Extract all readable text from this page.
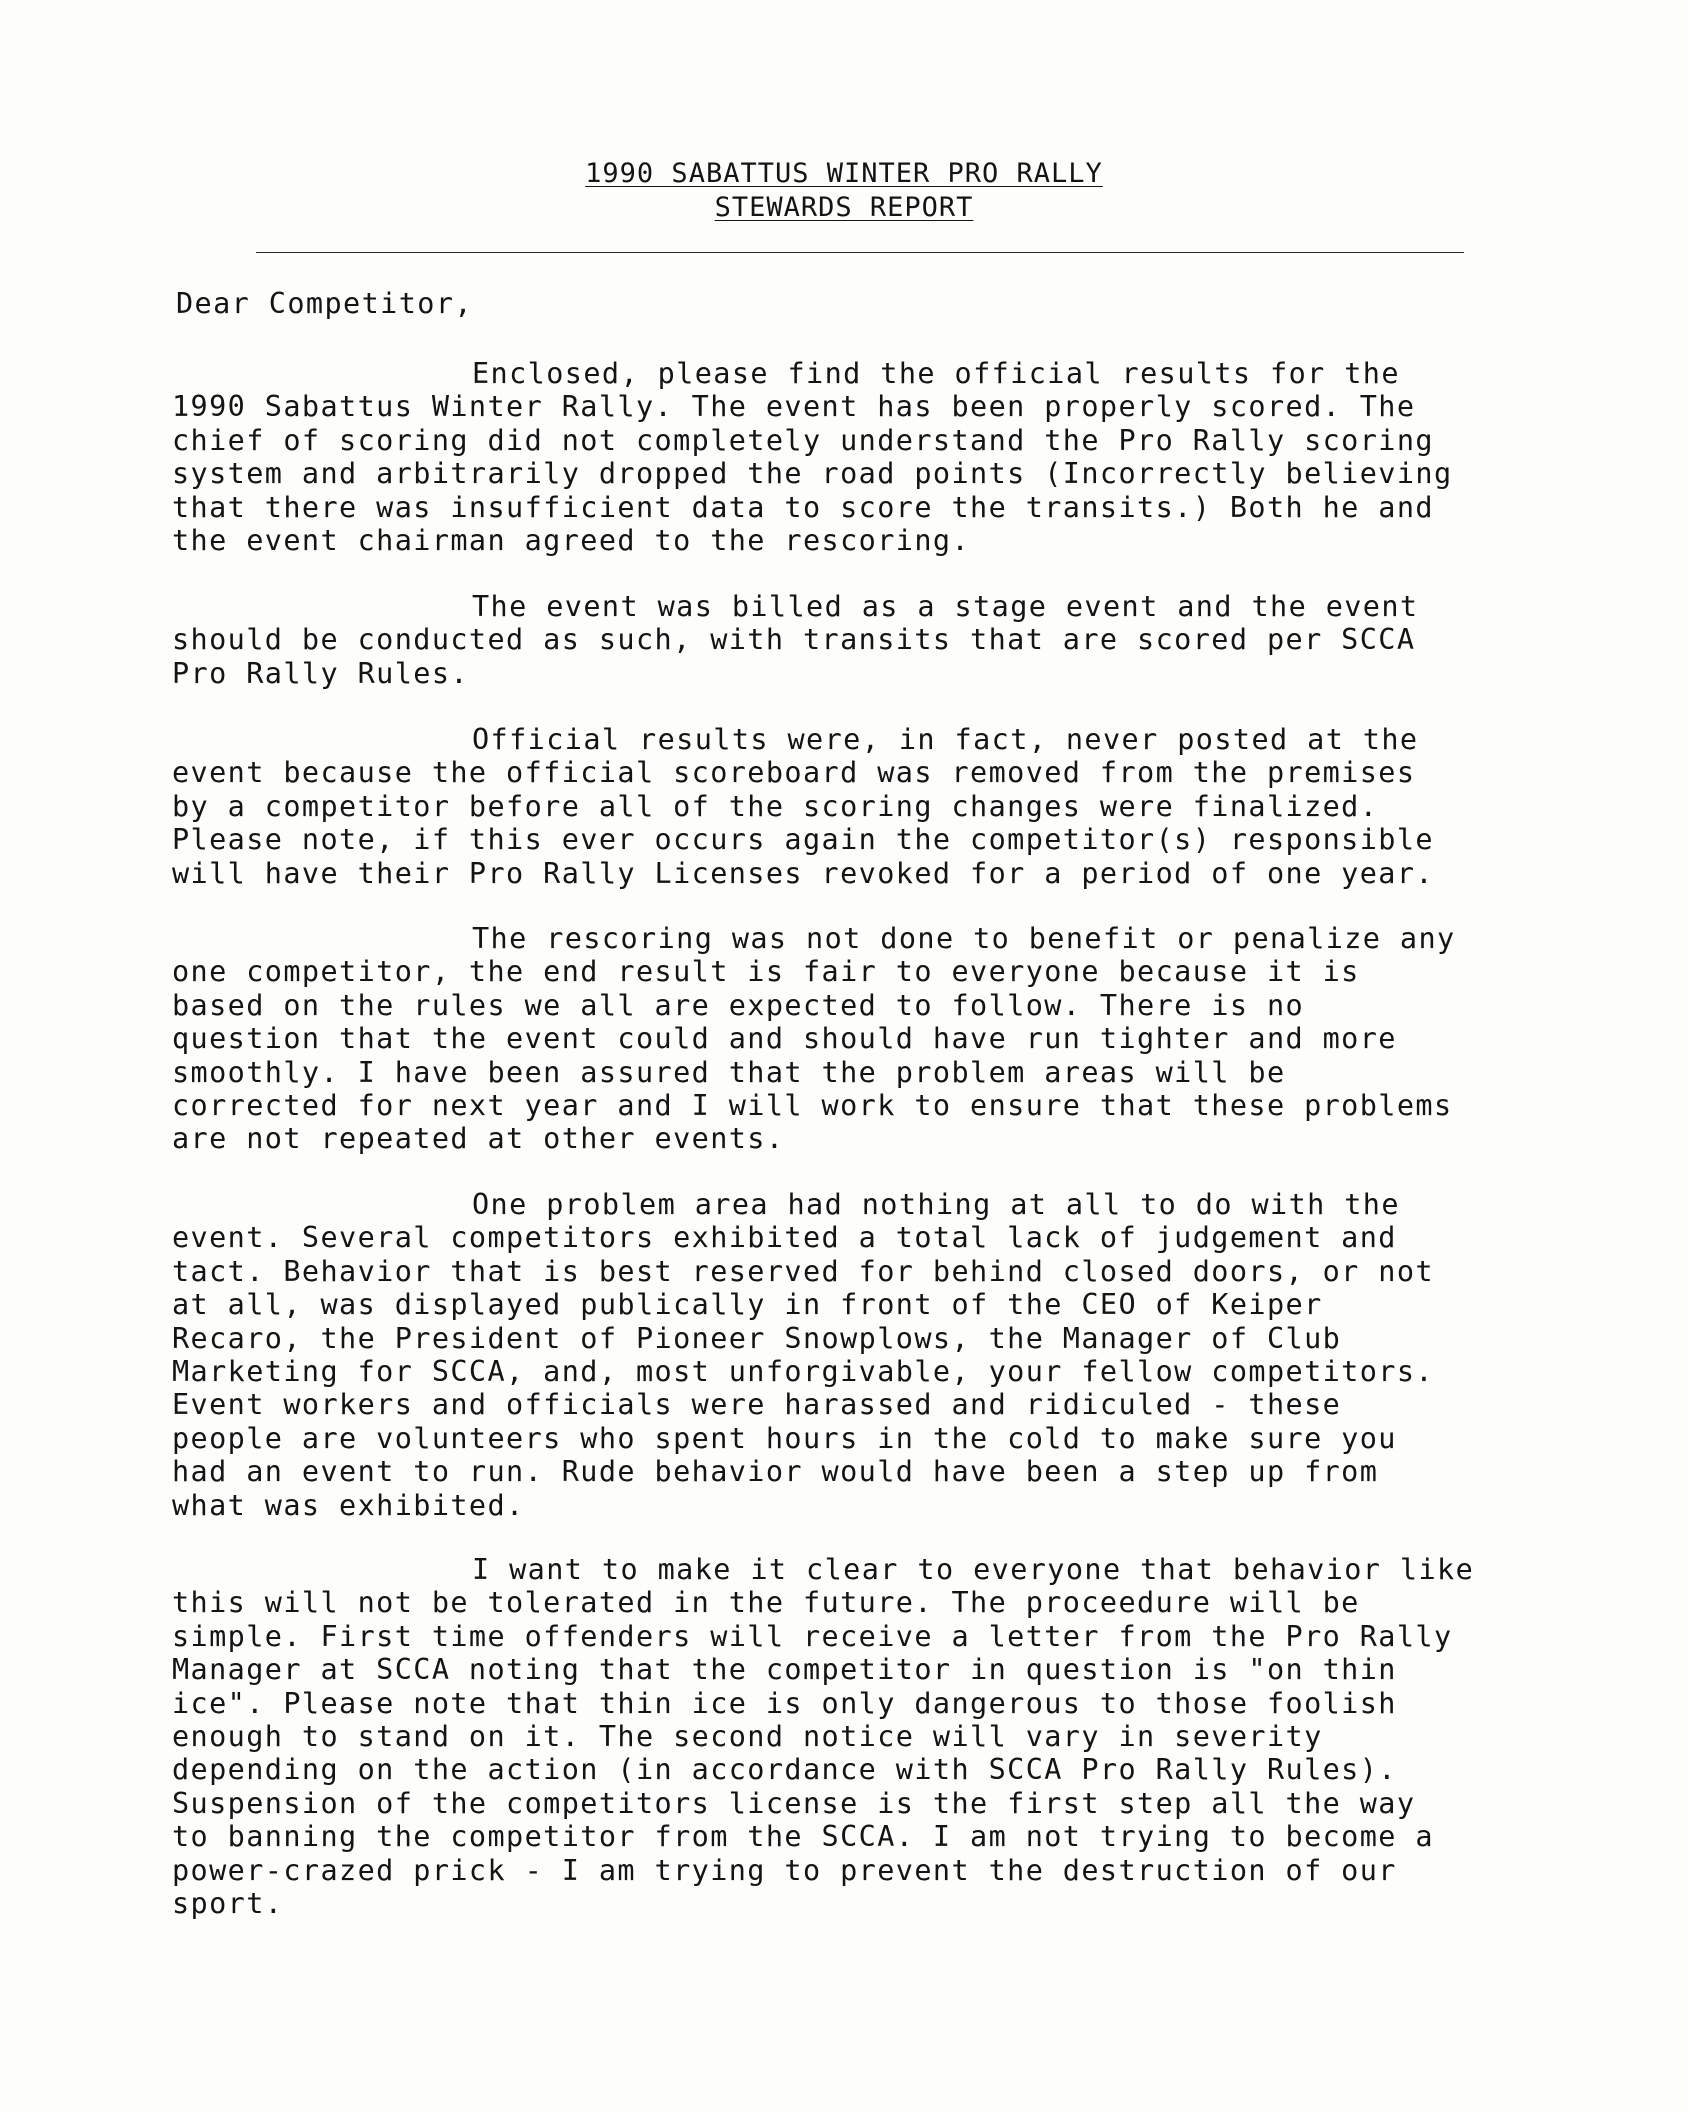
1990 SABATTUS WINTER PRO RALLY
STEWARDS REPORT
Dear Competitor,
Enclosed, please find the official results for the
1990 Sabattus Winter Rally. The event has been properly scored. The
chief of scoring did not completely understand the Pro Rally scoring
system and arbitrarily dropped the road points (Incorrectly believing
that there was insufficient data to score the transits.) Both he and
the event chairman agreed to the rescoring.
The event was billed as a stage event and the event
should be conducted as such, with transits that are scored per SCCA
Pro Rally Rules.
Official results were, in fact, never posted at the
event because the official scoreboard was removed from the premises
by a competitor before all of the scoring changes were finalized.
Please note, if this ever occurs again the competitor(s) responsible
will have their Pro Rally Licenses revoked for a period of one year.
The rescoring was not done to benefit or penalize any
one competitor, the end result is fair to everyone because it is
based on the rules we all are expected to follow. There is no
question that the event could and should have run tighter and more
smoothly. I have been assured that the problem areas will be
corrected for next year and I will work to ensure that these problems
are not repeated at other events.
One problem area had nothing at all to do with the
event. Several competitors exhibited a total lack of judgement and
tact. Behavior that is best reserved for behind closed doors, or not
at all, was displayed publically in front of the CEO of Keiper
Recaro, the President of Pioneer Snowplows, the Manager of Club
Marketing for SCCA, and, most unforgivable, your fellow competitors.
Event workers and officials were harassed and ridiculed - these
people are volunteers who spent hours in the cold to make sure you
had an event to run. Rude behavior would have been a step up from
what was exhibited.
I want to make it clear to everyone that behavior like
this will not be tolerated in the future. The proceedure will be
simple. First time offenders will receive a letter from the Pro Rally
Manager at SCCA noting that the competitor in question is "on thin
ice". Please note that thin ice is only dangerous to those foolish
enough to stand on it. The second notice will vary in severity
depending on the action (in accordance with SCCA Pro Rally Rules).
Suspension of the competitors license is the first step all the way
to banning the competitor from the SCCA. I am not trying to become a
power-crazed prick - I am trying to prevent the destruction of our
sport.
